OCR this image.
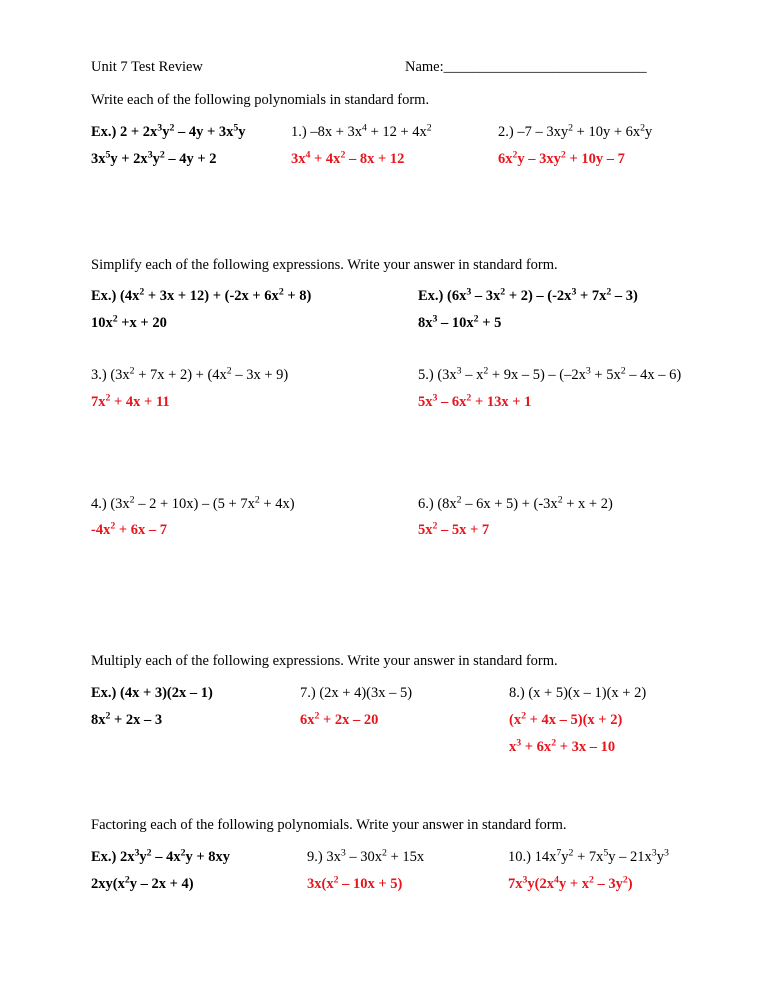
Unit 7 Test Review	Name:____________________________
Write each of the following polynomials in standard form.
Ex.) $2 + 2x^3y^2 - 4y + 3x^5y$	1.) $-8x + 3x^4 + 12 + 4x^2$	2.) $-7 - 3xy^2 + 10y + 6x^2y$
$3x^5y + 2x^3y^2 - 4y + 2$	$3x^4 + 4x^2 - 8x + 12$	$6x^2y - 3xy^2 + 10y - 7$
Simplify each of the following expressions. Write your answer in standard form.
Ex.) $(4x^2 + 3x + 12) + (-2x + 6x^2 + 8)$	Ex.) $(6x^3 - 3x^2 + 2) - (-2x^3 + 7x^2 - 3)$
$10x^2 +x + 20$	$8x^3 - 10x^2 + 5$
3.) $(3x^2 + 7x + 2) + (4x^2 - 3x + 9)$	5.) $(3x^3 - x^2 + 9x - 5) - (-2x^3 + 5x^2 - 4x - 6)$
$7x^2 + 4x + 11$	$5x^3 - 6x^2 + 13x + 1$
4.) $(3x^2 - 2 + 10x) - (5 + 7x^2 + 4x)$	6.) $(8x^2 - 6x + 5) + (-3x^2 + x + 2)$
$-4x^2 + 6x - 7$	$5x^2 - 5x + 7$
Multiply each of the following expressions. Write your answer in standard form.
Ex.) (4x + 3)(2x – 1)	7.) (2x + 4)(3x – 5)	8.) (x + 5)(x – 1)(x + 2)
$8x^2 + 2x - 3$	$6x^2 + 2x - 20$	$(x^2 + 4x - 5)(x + 2)$
$x^3 + 6x^2 + 3x - 10$
Factoring each of the following polynomials. Write your answer in standard form.
Ex.) $2x^3y^2 - 4x^2y + 8xy$	9.) $3x^3 - 30x^2 + 15x$	10.) $14x^7y^2 + 7x^5y - 21x^3y^3$
$2xy(x^2y - 2x + 4)$	$3x(x^2 - 10x + 5)$	$7x^3y(2x^4y + x^2 - 3y^2)$
